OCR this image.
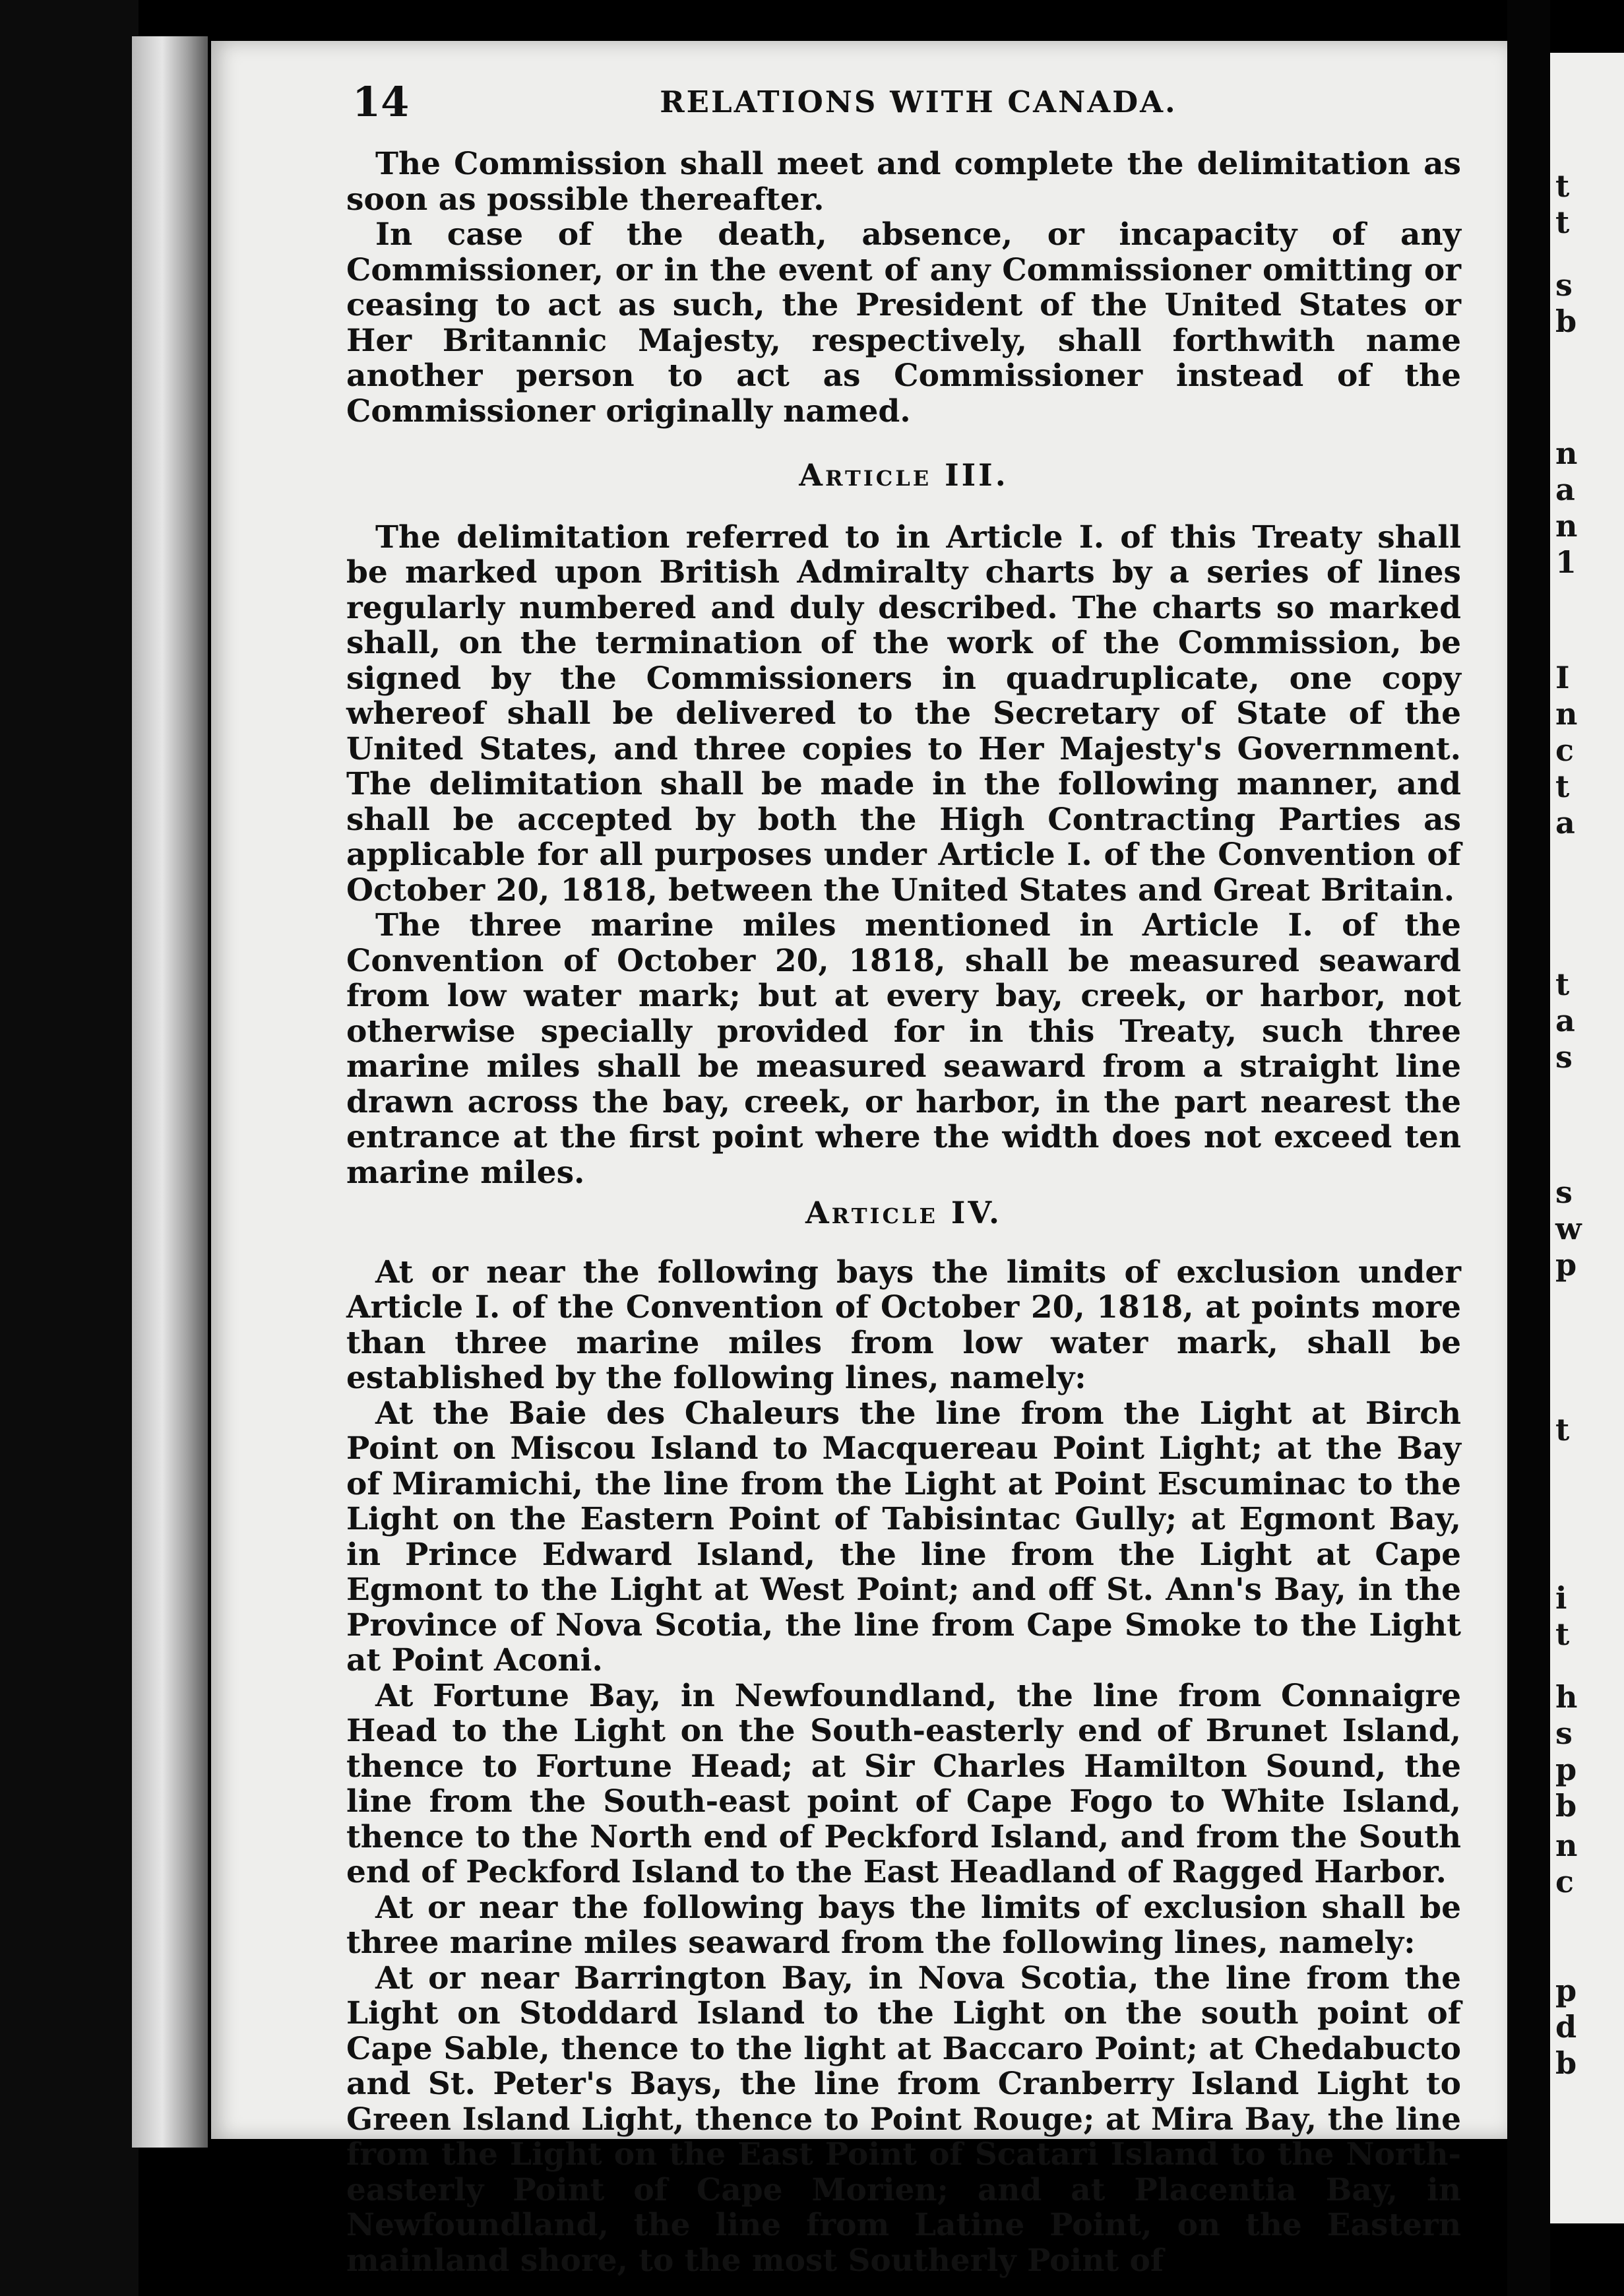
14	RELATIONS WITH CANADA.

The Commission shall meet and complete the delimitation as soon as possible thereafter.

In case of the death, absence, or incapacity of any Commissioner, or in the event of any Commissioner omitting or ceasing to act as such, the President of the United States or Her Britannic Majesty, respectively, shall forthwith name another person to act as Commissioner instead of the Commissioner originally named.

Article III.

The delimitation referred to in Article I. of this Treaty shall be marked upon British Admiralty charts by a series of lines regularly numbered and duly described. The charts so marked shall, on the termination of the work of the Commission, be signed by the Commissioners in quadruplicate, one copy whereof shall be delivered to the Secretary of State of the United States, and three copies to Her Majesty's Government. The delimitation shall be made in the following manner, and shall be accepted by both the High Contracting Parties as applicable for all purposes under Article I. of the Convention of October 20, 1818, between the United States and Great Britain.

The three marine miles mentioned in Article I. of the Convention of October 20, 1818, shall be measured seaward from low water mark; but at every bay, creek, or harbor, not otherwise specially provided for in this Treaty, such three marine miles shall be measured seaward from a straight line drawn across the bay, creek, or harbor, in the part nearest the entrance at the first point where the width does not exceed ten marine miles.

Article IV.

At or near the following bays the limits of exclusion under Article I. of the Convention of October 20, 1818, at points more than three marine miles from low water mark, shall be established by the following lines, namely:

At the Baie des Chaleurs the line from the Light at Birch Point on Miscou Island to Macquereau Point Light; at the Bay of Miramichi, the line from the Light at Point Escuminac to the Light on the Eastern Point of Tabisintac Gully; at Egmont Bay, in Prince Edward Island, the line from the Light at Cape Egmont to the Light at West Point; and off St. Ann's Bay, in the Province of Nova Scotia, the line from Cape Smoke to the Light at Point Aconi.

At Fortune Bay, in Newfoundland, the line from Connaigre Head to the Light on the South-easterly end of Brunet Island, thence to Fortune Head; at Sir Charles Hamilton Sound, the line from the South-east point of Cape Fogo to White Island, thence to the North end of Peckford Island, and from the South end of Peckford Island to the East Headland of Ragged Harbor.

At or near the following bays the limits of exclusion shall be three marine miles seaward from the following lines, namely:

At or near Barrington Bay, in Nova Scotia, the line from the Light on Stoddard Island to the Light on the south point of Cape Sable, thence to the light at Baccaro Point; at Chedabucto and St. Peter's Bays, the line from Cranberry Island Light to Green Island Light, thence to Point Rouge; at Mira Bay, the line from the Light on the East Point of Scatari Island to the North-easterly Point of Cape Morien; and at Placentia Bay, in Newfoundland, the line from Latine Point, on the Eastern mainland shore, to the most Southerly Point of

t
t
s
b
n
a
n
1
I
n
c
t
a
t
a
s
s
w
p
t
i
t
h
s
p
b
n
c
p
d
b
